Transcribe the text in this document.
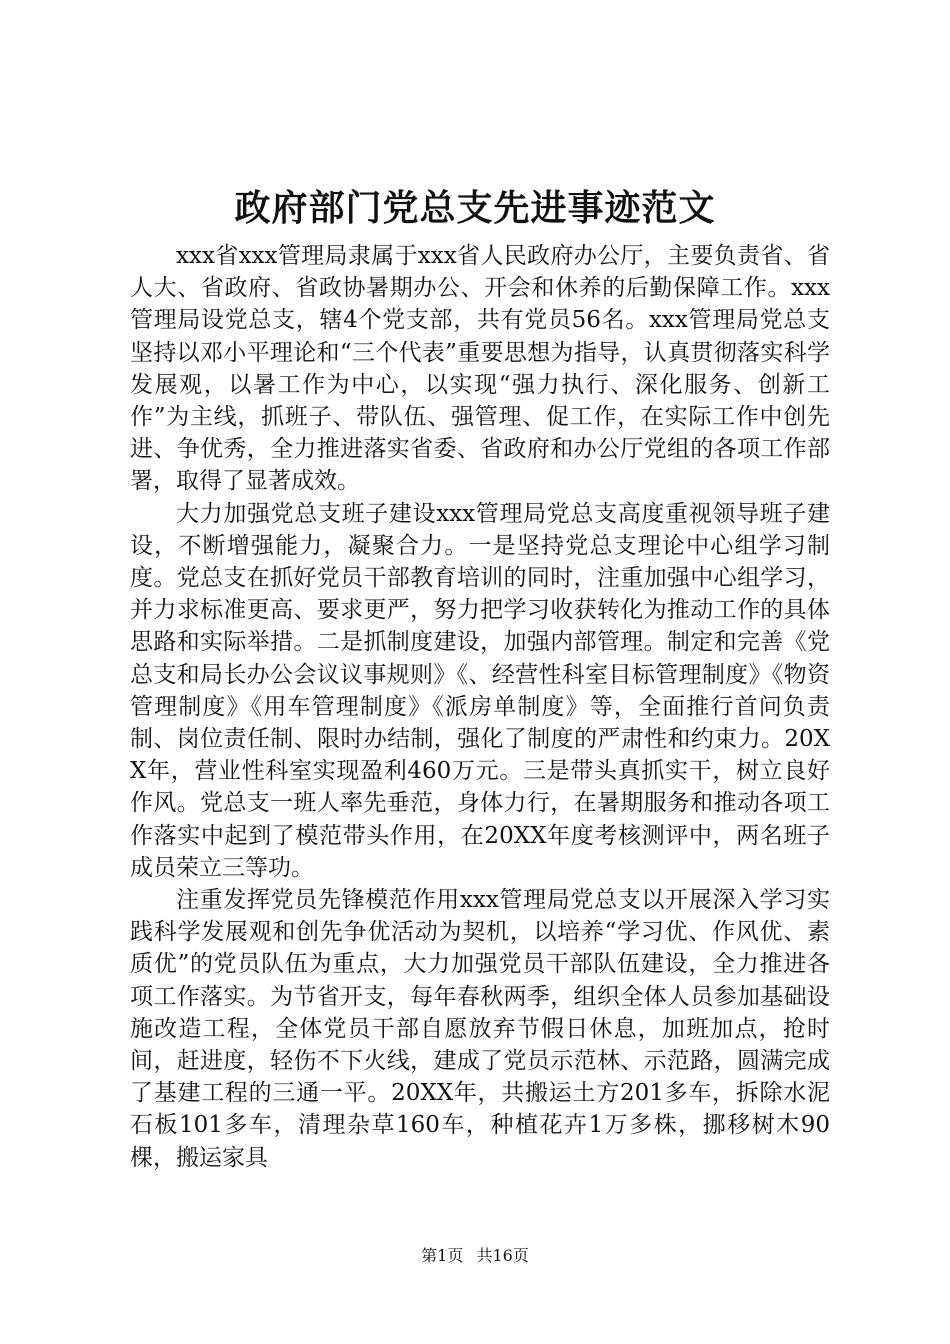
政府部门党总支先进事迹范文

xxx省xxx管理局隶属于xxx省人民政府办公厅，主要负责省、省人大、省政府、省政协暑期办公、开会和休养的后勤保障工作。xxx管理局设党总支，辖4个党支部，共有党员56名。xxx管理局党总支坚持以邓小平理论和“三个代表”重要思想为指导，认真贯彻落实科学发展观，以暑工作为中心，以实现“强力执行、深化服务、创新工作”为主线，抓班子、带队伍、强管理、促工作，在实际工作中创先进、争优秀，全力推进落实省委、省政府和办公厅党组的各项工作部署，取得了显著成效。

大力加强党总支班子建设xxx管理局党总支高度重视领导班子建设，不断增强能力，凝聚合力。一是坚持党总支理论中心组学习制度。党总支在抓好党员干部教育培训的同时，注重加强中心组学习，并力求标准更高、要求更严，努力把学习收获转化为推动工作的具体思路和实际举措。二是抓制度建设，加强内部管理。制定和完善《党总支和局长办公会议议事规则》《、经营性科室目标管理制度》《物资管理制度》《用车管理制度》《派房单制度》等，全面推行首问负责制、岗位责任制、限时办结制，强化了制度的严肃性和约束力。20XX年，营业性科室实现盈利460万元。三是带头真抓实干，树立良好作风。党总支一班人率先垂范，身体力行，在暑期服务和推动各项工作落实中起到了模范带头作用，在20XX年度考核测评中，两名班子成员荣立三等功。

注重发挥党员先锋模范作用xxx管理局党总支以开展深入学习实践科学发展观和创先争优活动为契机，以培养“学习优、作风优、素质优”的党员队伍为重点，大力加强党员干部队伍建设，全力推进各项工作落实。为节省开支，每年春秋两季，组织全体人员参加基础设施改造工程，全体党员干部自愿放弃节假日休息，加班加点，抢时间，赶进度，轻伤不下火线，建成了党员示范林、示范路，圆满完成了基建工程的三通一平。20XX年，共搬运土方201多车，拆除水泥石板101多车，清理杂草160车，种植花卉1万多株，挪移树木90棵，搬运家具

第1页 共16页
